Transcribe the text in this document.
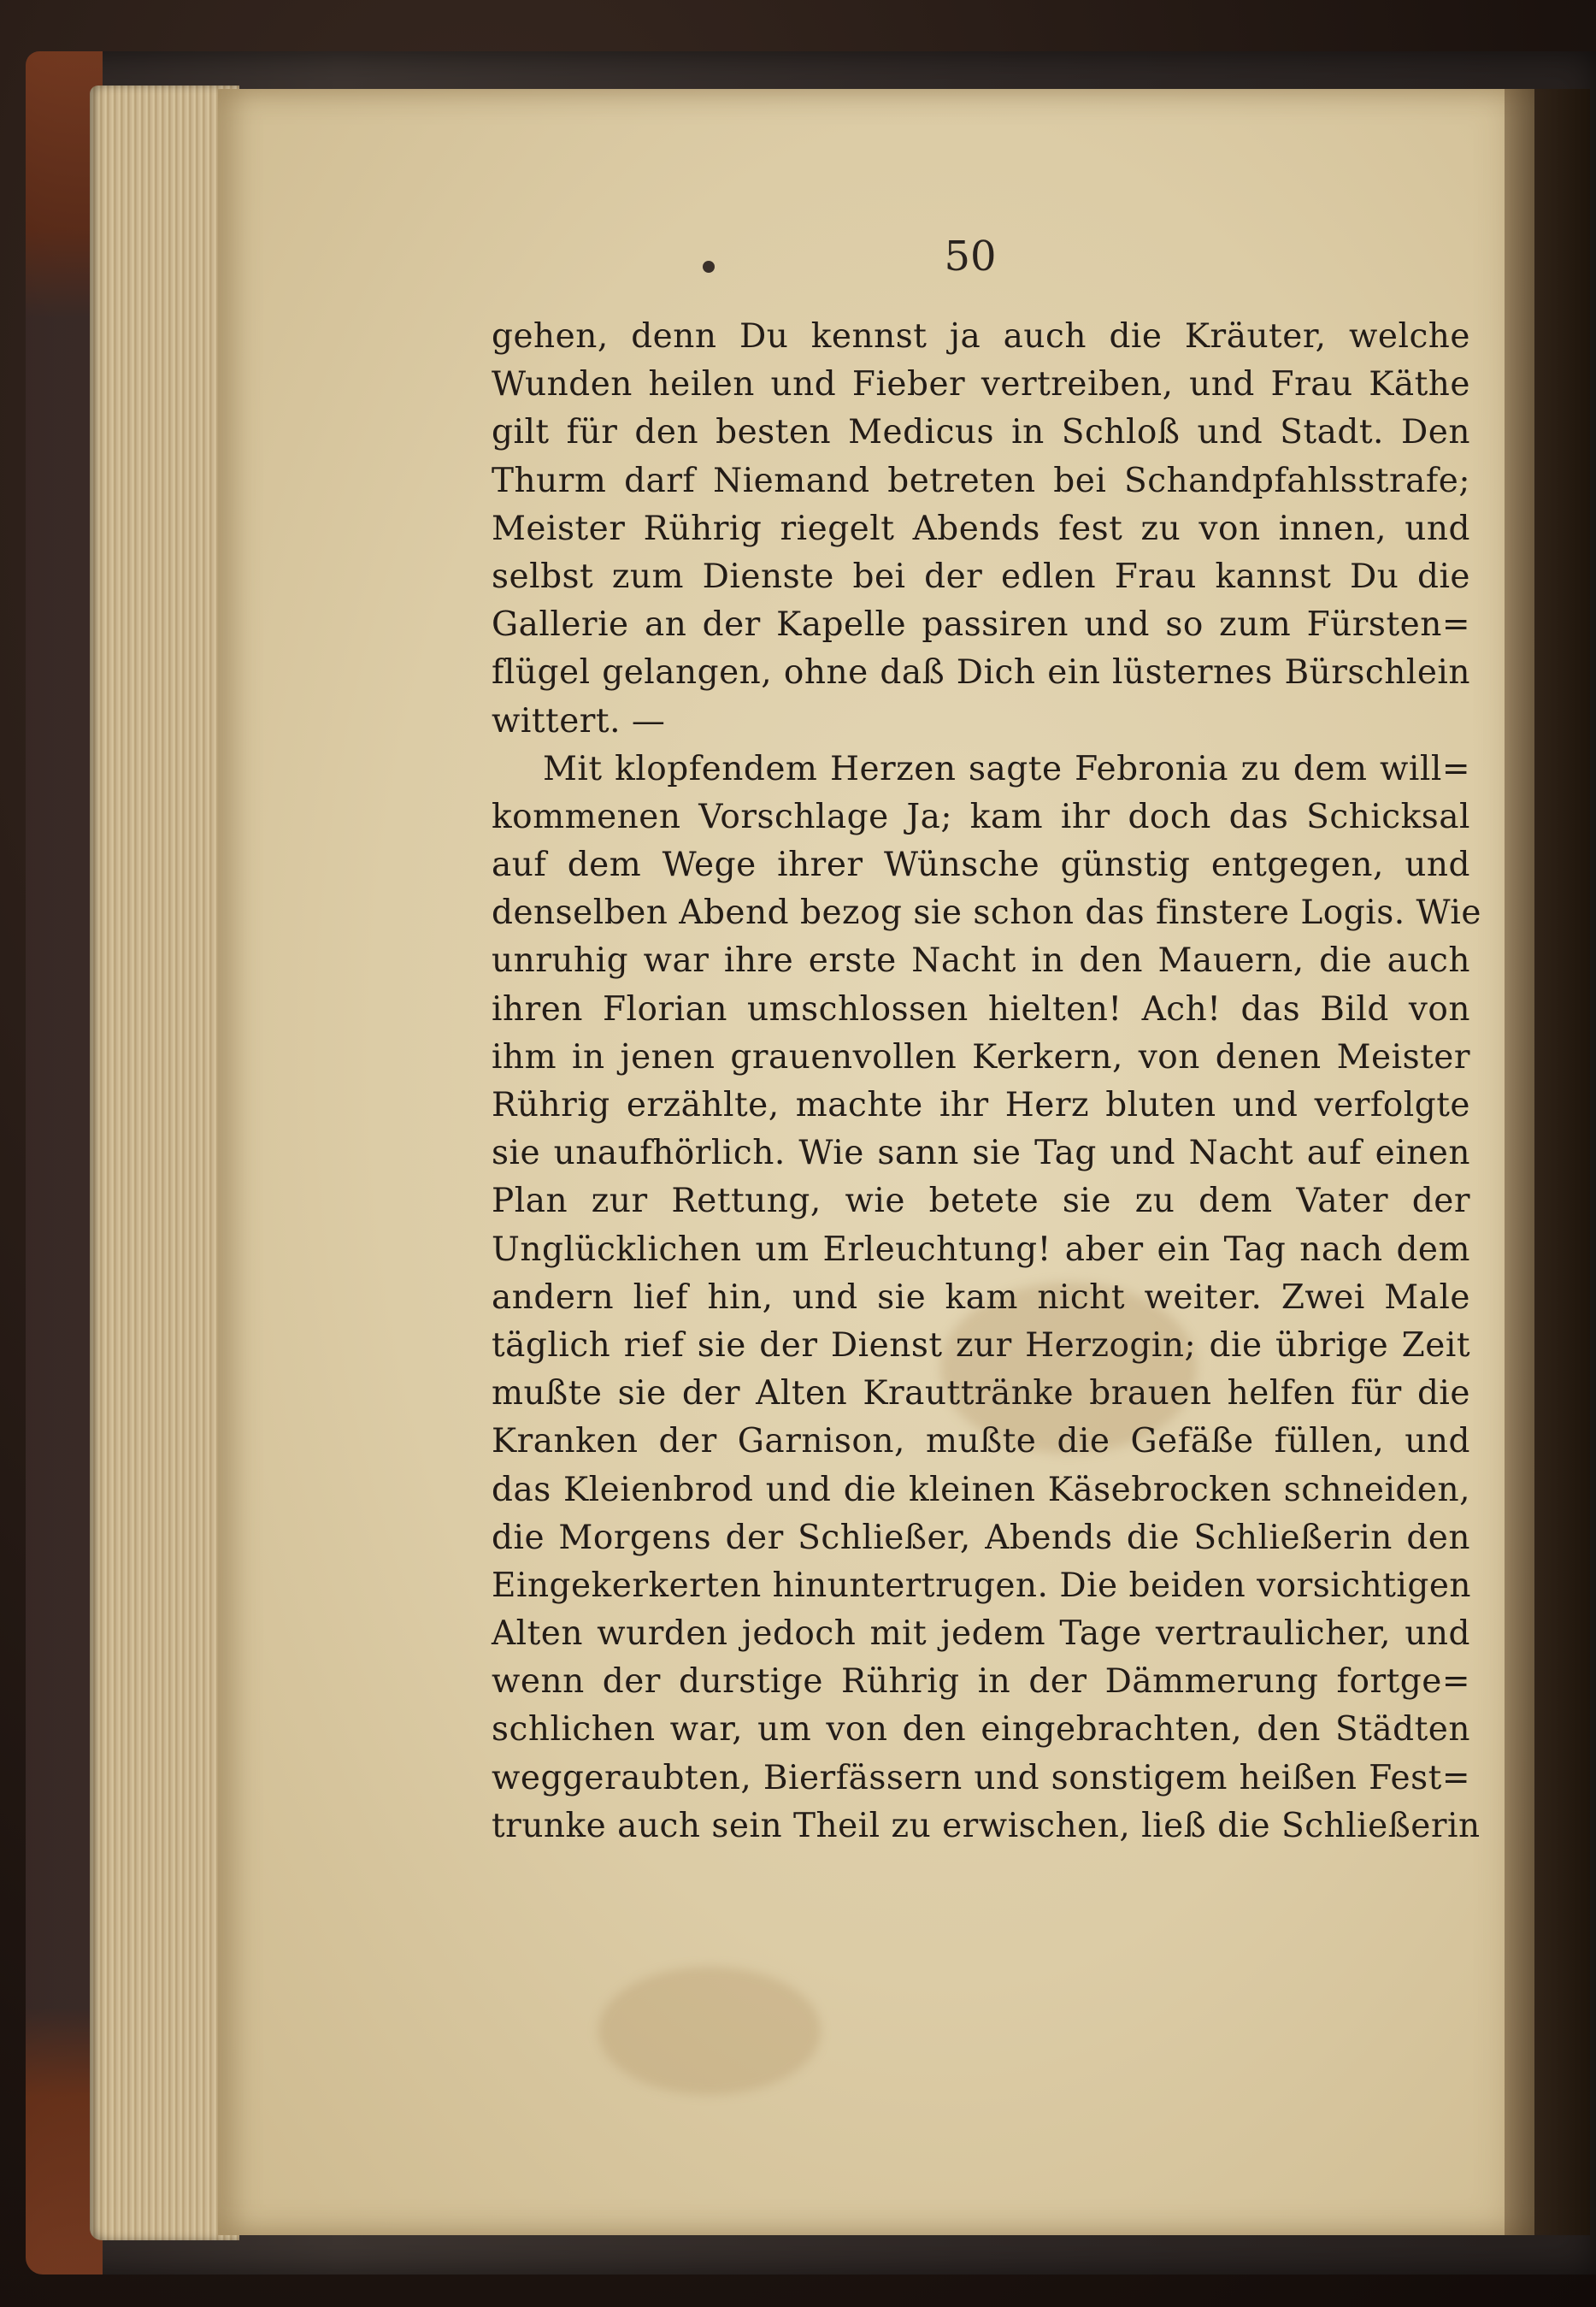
50
gehen, denn Du kennst ja auch die Kräuter, welche
Wunden heilen und Fieber vertreiben, und Frau Käthe
gilt für den besten Medicus in Schloß und Stadt. Den
Thurm darf Niemand betreten bei Schandpfahlsstrafe;
Meister Rührig riegelt Abends fest zu von innen, und
selbst zum Dienste bei der edlen Frau kannst Du die
Gallerie an der Kapelle passiren und so zum Fürsten=
flügel gelangen, ohne daß Dich ein lüsternes Bürschlein
wittert. —
Mit klopfendem Herzen sagte Febronia zu dem will=
kommenen Vorschlage Ja; kam ihr doch das Schicksal
auf dem Wege ihrer Wünsche günstig entgegen, und
denselben Abend bezog sie schon das finstere Logis. Wie
unruhig war ihre erste Nacht in den Mauern, die auch
ihren Florian umschlossen hielten! Ach! das Bild von
ihm in jenen grauenvollen Kerkern, von denen Meister
Rührig erzählte, machte ihr Herz bluten und verfolgte
sie unaufhörlich. Wie sann sie Tag und Nacht auf einen
Plan zur Rettung, wie betete sie zu dem Vater der
Unglücklichen um Erleuchtung! aber ein Tag nach dem
andern lief hin, und sie kam nicht weiter. Zwei Male
täglich rief sie der Dienst zur Herzogin; die übrige Zeit
mußte sie der Alten Krauttränke brauen helfen für die
Kranken der Garnison, mußte die Gefäße füllen, und
das Kleienbrod und die kleinen Käsebrocken schneiden,
die Morgens der Schließer, Abends die Schließerin den
Eingekerkerten hinuntertrugen. Die beiden vorsichtigen
Alten wurden jedoch mit jedem Tage vertraulicher, und
wenn der durstige Rührig in der Dämmerung fortge=
schlichen war, um von den eingebrachten, den Städten
weggeraubten, Bierfässern und sonstigem heißen Fest=
trunke auch sein Theil zu erwischen, ließ die Schließerin
